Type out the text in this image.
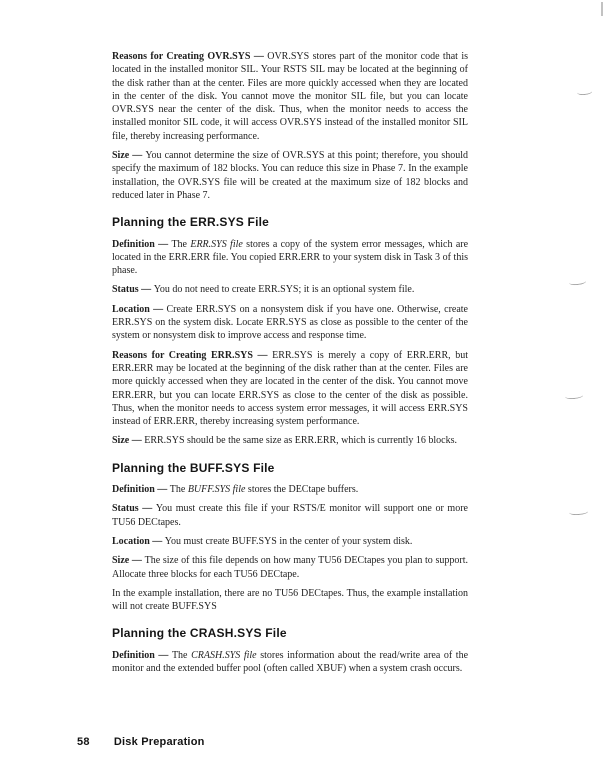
Reasons for Creating OVR.SYS — OVR.SYS stores part of the monitor code that is located in the installed monitor SIL. Your RSTS SIL may be located at the beginning of the disk rather than at the center. Files are more quickly accessed when they are located in the center of the disk. You cannot move the monitor SIL file, but you can locate OVR.SYS near the center of the disk. Thus, when the monitor needs to access the installed monitor SIL code, it will access OVR.SYS instead of the installed monitor SIL file, thereby increasing performance.

Size — You cannot determine the size of OVR.SYS at this point; therefore, you should specify the maximum of 182 blocks. You can reduce this size in Phase 7. In the example installation, the OVR.SYS file will be created at the maximum size of 182 blocks and reduced later in Phase 7.

Planning the ERR.SYS File

Definition — The ERR.SYS file stores a copy of the system error messages, which are located in the ERR.ERR file. You copied ERR.ERR to your system disk in Task 3 of this phase.

Status — You do not need to create ERR.SYS; it is an optional system file.

Location — Create ERR.SYS on a nonsystem disk if you have one. Otherwise, create ERR.SYS on the system disk. Locate ERR.SYS as close as possible to the center of the system or nonsystem disk to improve access and response time.

Reasons for Creating ERR.SYS — ERR.SYS is merely a copy of ERR.ERR, but ERR.ERR may be located at the beginning of the disk rather than at the center. Files are more quickly accessed when they are located in the center of the disk. You cannot move ERR.ERR, but you can locate ERR.SYS as close to the center of the disk as possible. Thus, when the monitor needs to access system error messages, it will access ERR.SYS instead of ERR.ERR, thereby increasing system performance.

Size — ERR.SYS should be the same size as ERR.ERR, which is currently 16 blocks.

Planning the BUFF.SYS File

Definition — The BUFF.SYS file stores the DECtape buffers.

Status — You must create this file if your RSTS/E monitor will support one or more TU56 DECtapes.

Location — You must create BUFF.SYS in the center of your system disk.

Size — The size of this file depends on how many TU56 DECtapes you plan to support. Allocate three blocks for each TU56 DECtape.

In the example installation, there are no TU56 DECtapes. Thus, the example installation will not create BUFF.SYS

Planning the CRASH.SYS File

Definition — The CRASH.SYS file stores information about the read/write area of the monitor and the extended buffer pool (often called XBUF) when a system crash occurs.

58 Disk Preparation
